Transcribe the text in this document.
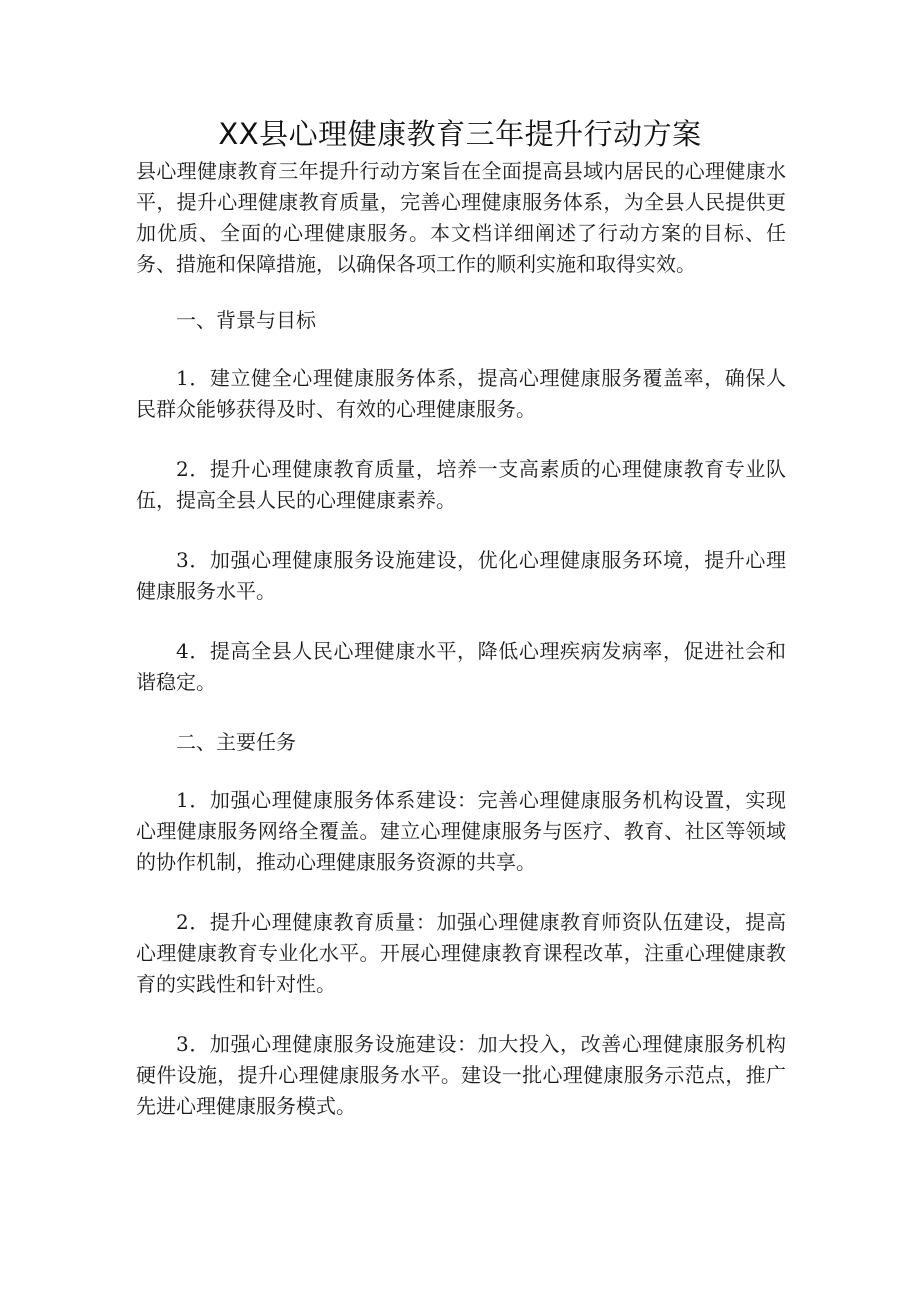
XX县心理健康教育三年提升行动方案

县心理健康教育三年提升行动方案旨在全面提高县域内居民的心理健康水平，提升心理健康教育质量，完善心理健康服务体系，为全县人民提供更加优质、全面的心理健康服务。本文档详细阐述了行动方案的目标、任务、措施和保障措施，以确保各项工作的顺利实施和取得实效。

一、背景与目标

1．建立健全心理健康服务体系，提高心理健康服务覆盖率，确保人民群众能够获得及时、有效的心理健康服务。

2．提升心理健康教育质量，培养一支高素质的心理健康教育专业队伍，提高全县人民的心理健康素养。

3．加强心理健康服务设施建设，优化心理健康服务环境，提升心理健康服务水平。

4．提高全县人民心理健康水平，降低心理疾病发病率，促进社会和谐稳定。

二、主要任务

1．加强心理健康服务体系建设：完善心理健康服务机构设置，实现心理健康服务网络全覆盖。建立心理健康服务与医疗、教育、社区等领域的协作机制，推动心理健康服务资源的共享。

2．提升心理健康教育质量：加强心理健康教育师资队伍建设，提高心理健康教育专业化水平。开展心理健康教育课程改革，注重心理健康教育的实践性和针对性。

3．加强心理健康服务设施建设：加大投入，改善心理健康服务机构硬件设施，提升心理健康服务水平。建设一批心理健康服务示范点，推广先进心理健康服务模式。
